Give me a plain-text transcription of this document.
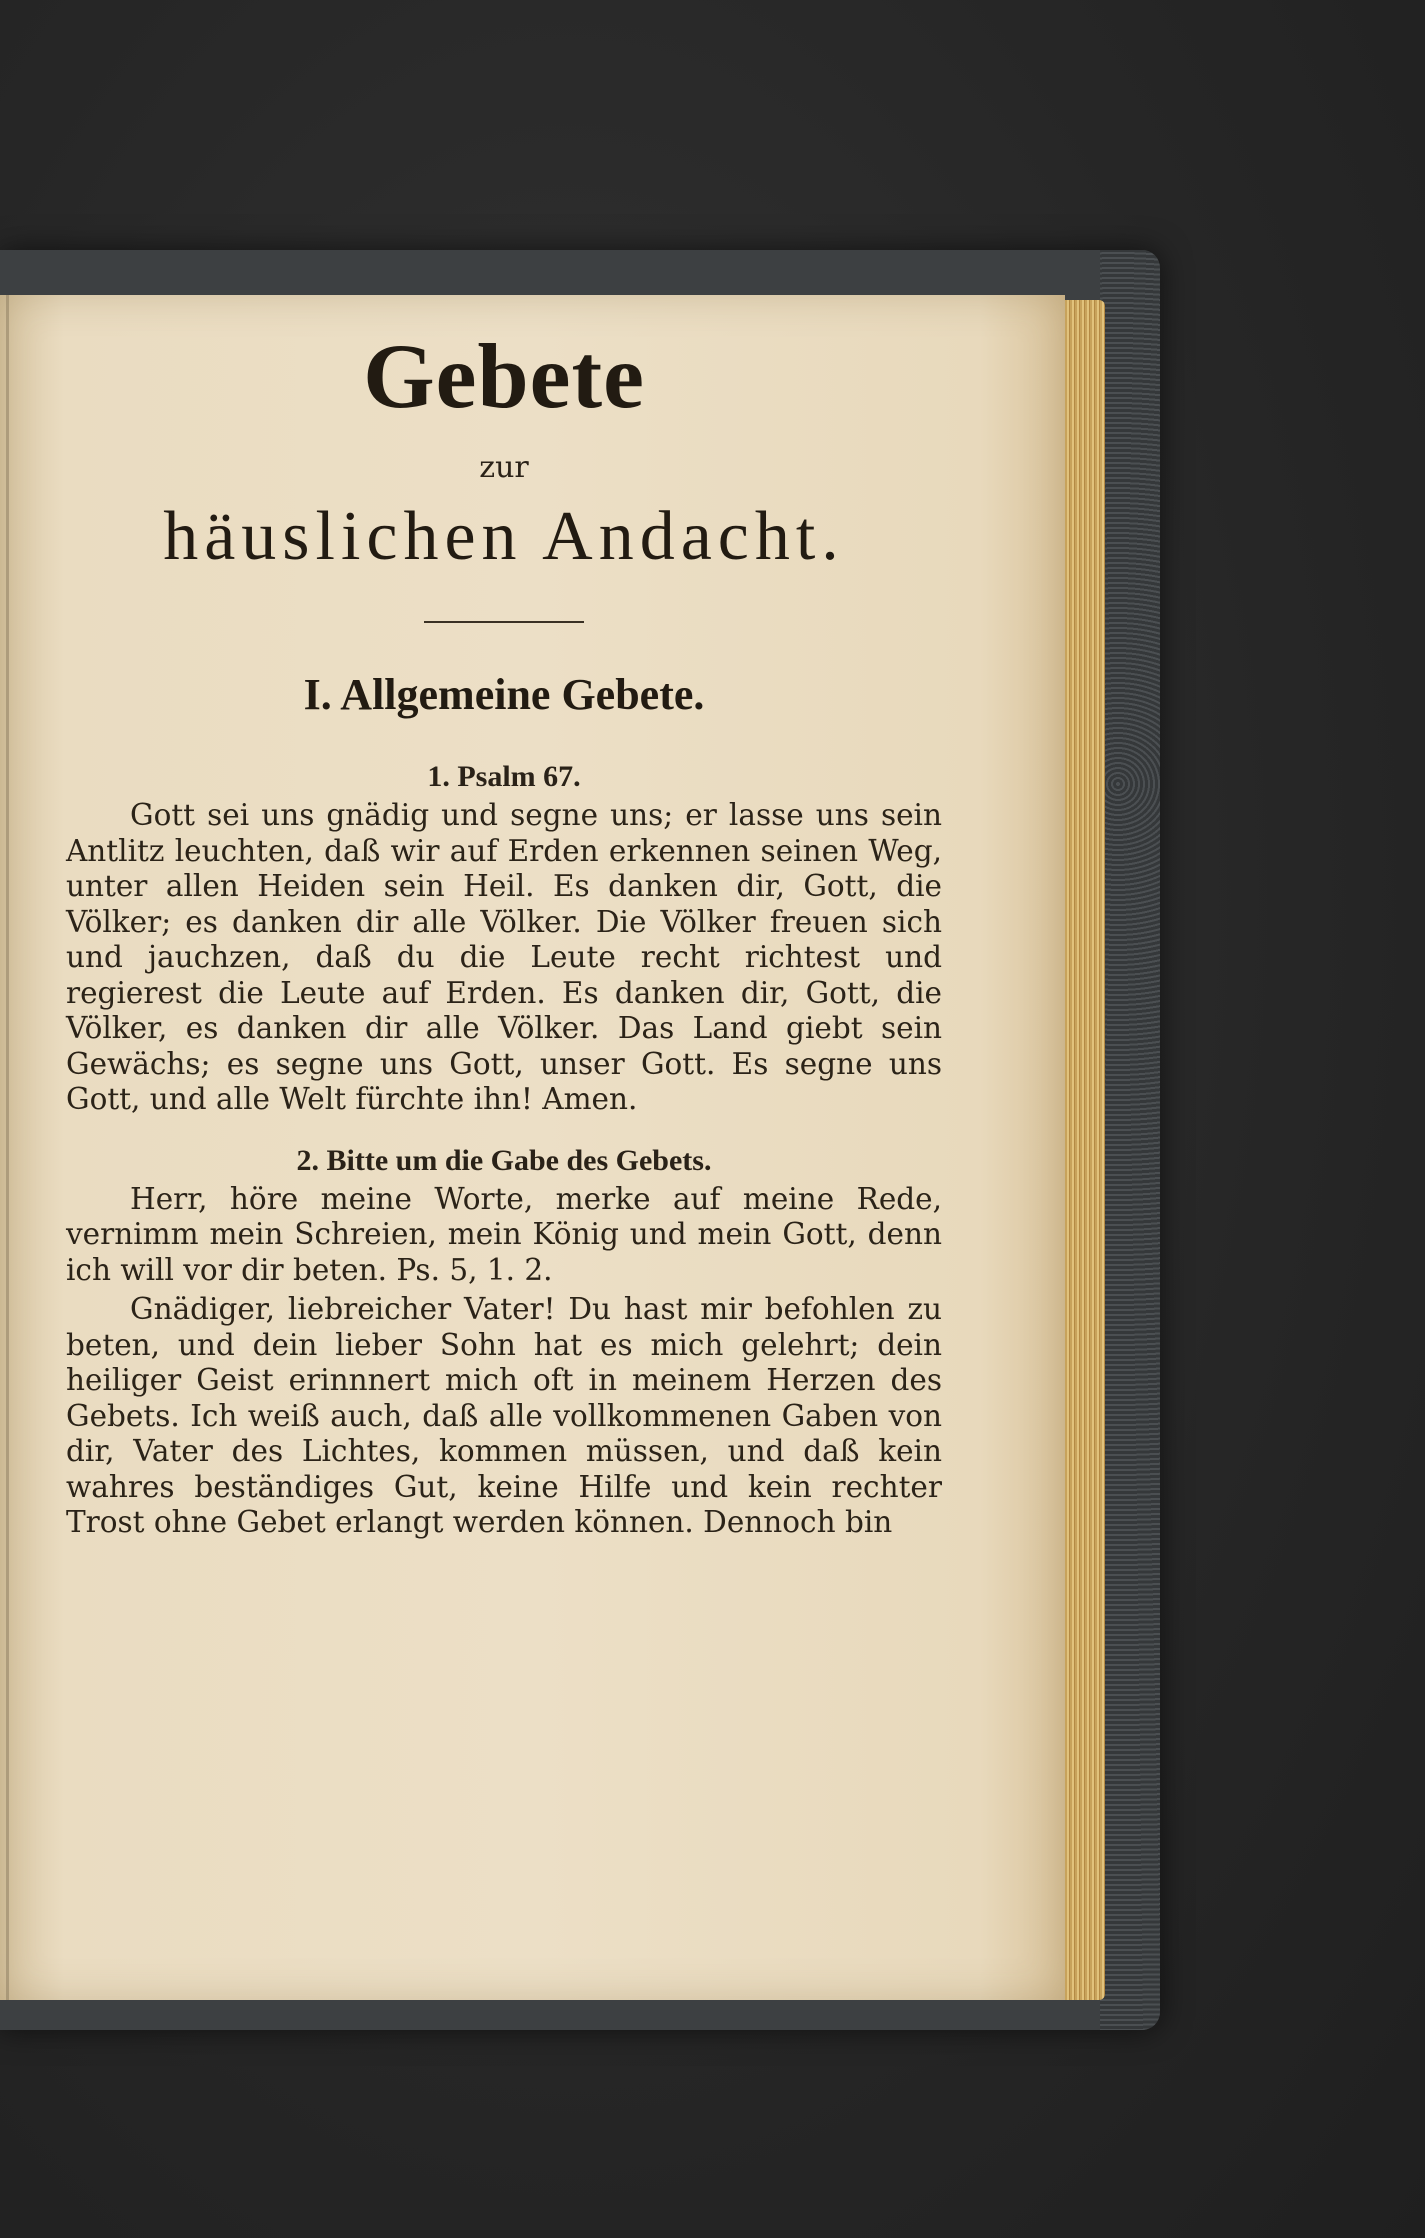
Gebete
zur
häuslichen Andacht.
I. Allgemeine Gebete.
1. Psalm 67.

Gott sei uns gnädig und segne uns; er lasse uns sein Antlitz leuchten, daß wir auf Erden erkennen seinen Weg, unter allen Heiden sein Heil. Es danken dir, Gott, die Völker; es danken dir alle Völker. Die Völker freuen sich und jauchzen, daß du die Leute recht richtest und regierest die Leute auf Erden. Es danken dir, Gott, die Völker, es danken dir alle Völker. Das Land giebt sein Gewächs; es segne uns Gott, unser Gott. Es segne uns Gott, und alle Welt fürchte ihn! Amen.

2. Bitte um die Gabe des Gebets.

Herr, höre meine Worte, merke auf meine Rede, vernimm mein Schreien, mein König und mein Gott, denn ich will vor dir beten. Ps. 5, 1. 2.

Gnädiger, liebreicher Vater! Du hast mir befohlen zu beten, und dein lieber Sohn hat es mich gelehrt; dein heiliger Geist erinnnert mich oft in meinem Herzen des Gebets. Ich weiß auch, daß alle vollkommenen Gaben von dir, Vater des Lichtes, kommen müssen, und daß kein wahres beständiges Gut, keine Hilfe und kein rechter Trost ohne Gebet erlangt werden können. Dennoch bin
